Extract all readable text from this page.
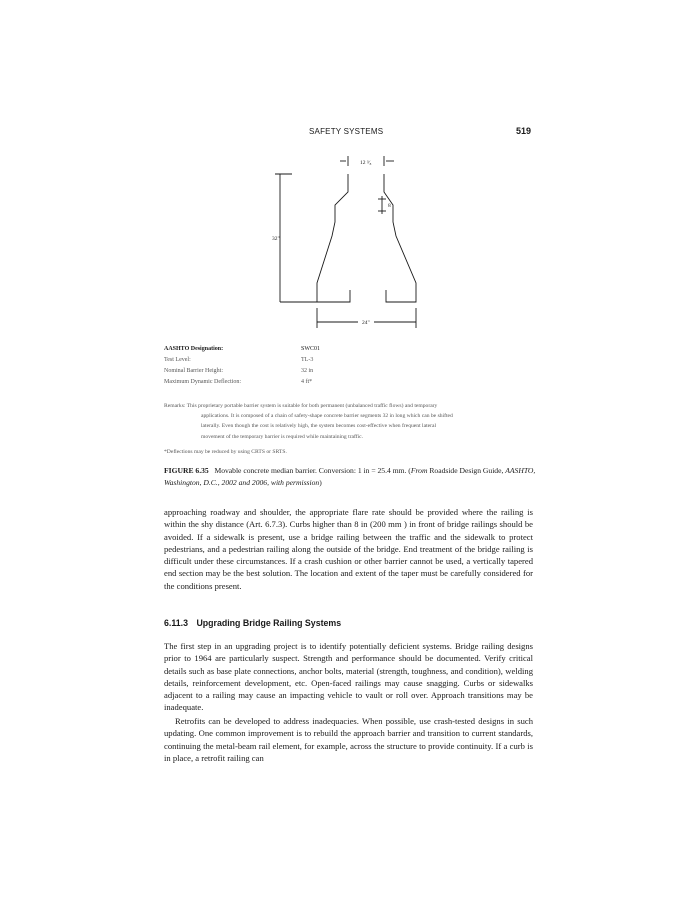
SAFETY SYSTEMS	519
12 ³⁄₈
8
32"
24"
AASHTO Designation:	SWC01
Test Level:	TL-3
Nominal Barrier Height:	32 in
Maximum Dynamic Deflection:	4 ft*
Remarks: This proprietary portable barrier system is suitable for both permanent (unbalanced traffic flows) and temporary
applications. It is composed of a chain of safety-shape concrete barrier segments 32 in long which can be shifted
laterally. Even though the cost is relatively high, the system becomes cost-effective when frequent lateral
movement of the temporary barrier is required while maintaining traffic.
*Deflections may be reduced by using CRTS or SRTS.
FIGURE 6.35 Movable concrete median barrier. Conversion: 1 in = 25.4 mm. (From Roadside Design Guide, AASHTO, Washington, D.C., 2002 and 2006, with permission)

approaching roadway and shoulder, the appropriate flare rate should be provided where the railing is within the shy distance (Art. 6.7.3). Curbs higher than 8 in (200 mm ) in front of bridge railings should be avoided. If a sidewalk is present, use a bridge railing between the traffic and the sidewalk to protect pedestrians, and a pedestrian railing along the outside of the bridge. End treatment of the bridge railing is difficult under these circumstances. If a crash cushion or other barrier cannot be used, a vertically tapered end section may be the best solution. The location and extent of the taper must be carefully considered for the conditions present.

6.11.3 Upgrading Bridge Railing Systems

The first step in an upgrading project is to identify potentially deficient systems. Bridge railing designs prior to 1964 are particularly suspect. Strength and performance should be documented. Verify critical details such as base plate connections, anchor bolts, material (strength, toughness, and condition), welding details, reinforcement development, etc. Open-faced railings may cause snagging. Curbs or sidewalks adjacent to a railing may cause an impacting vehicle to vault or roll over. Approach transitions may be inadequate.

Retrofits can be developed to address inadequacies. When possible, use crash-tested designs in such updating. One common improvement is to rebuild the approach barrier and transition to current standards, continuing the metal-beam rail element, for example, across the structure to provide continuity. If a curb is in place, a retrofit railing can
